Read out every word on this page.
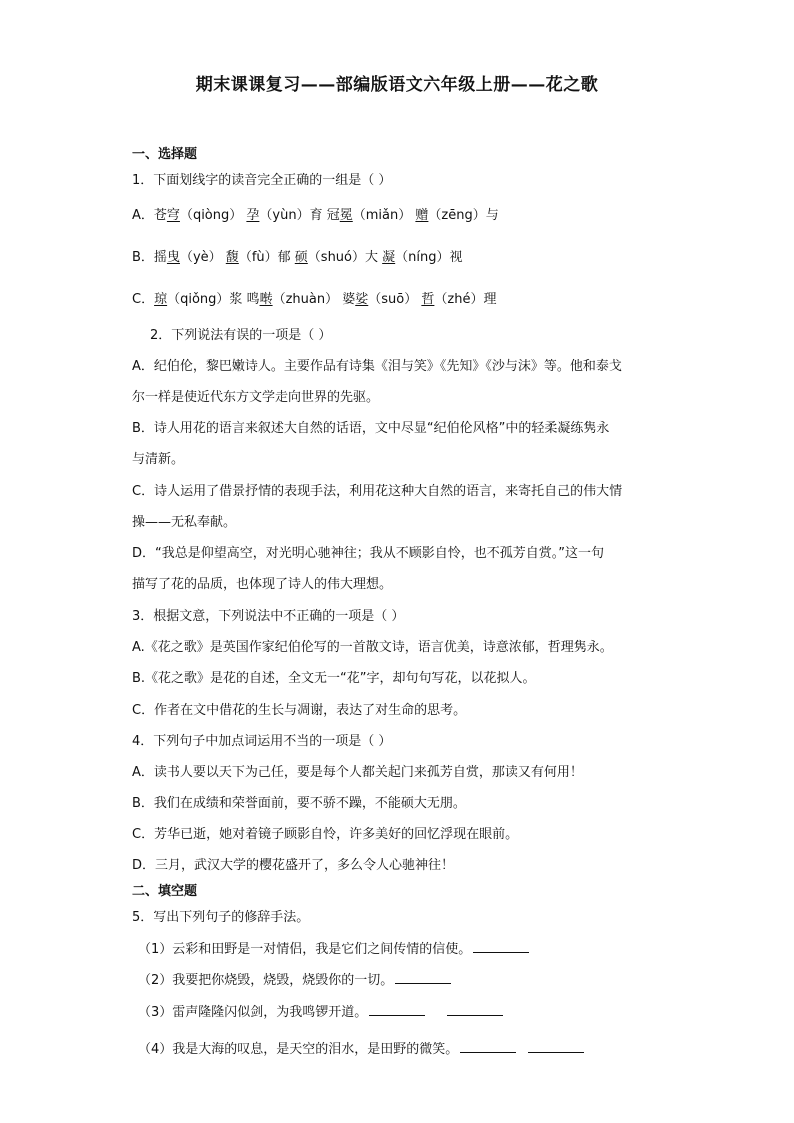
期末课课复习——部编版语文六年级上册——花之歌
一、选择题
1．下面划线字的读音完全正确的一组是（ ）
A．苍穹（qiòng） 孕（yùn）育 冠冕（miǎn） 赠（zēng）与
B．摇曳（yè） 馥（fù）郁 硕（shuó）大 凝（níng）视
C．琼（qiǒng）浆 鸣啭（zhuàn） 婆娑（suō） 哲（zhé）理
2．下列说法有误的一项是（ ）
A．纪伯伦，黎巴嫩诗人。主要作品有诗集《泪与笑》《先知》《沙与沫》等。他和泰戈
尔一样是使近代东方文学走向世界的先驱。
B．诗人用花的语言来叙述大自然的话语，文中尽显“纪伯伦风格”中的轻柔凝练隽永
与清新。
C．诗人运用了借景抒情的表现手法，利用花这种大自然的语言，来寄托自己的伟大情
操——无私奉献。
D．“我总是仰望高空，对光明心驰神往；我从不顾影自怜，也不孤芳自赏。”这一句
描写了花的品质，也体现了诗人的伟大理想。
3．根据文意，下列说法中不正确的一项是（ ）
A.《花之歌》是英国作家纪伯伦写的一首散文诗，语言优美，诗意浓郁，哲理隽永。
B.《花之歌》是花的自述，全文无一“花”字，却句句写花，以花拟人。
C．作者在文中借花的生长与凋谢，表达了对生命的思考。
4．下列句子中加点词运用不当的一项是（ ）
A．读书人要以天下为己任，要是每个人都关起门来孤芳自赏，那读又有何用！
B．我们在成绩和荣誉面前，要不骄不躁，不能硕大无朋。
C．芳华已逝，她对着镜子顾影自怜，许多美好的回忆浮现在眼前。
D．三月，武汉大学的樱花盛开了，多么令人心驰神往！
二、填空题
5．写出下列句子的修辞手法。
（1）云彩和田野是一对情侣，我是它们之间传情的信使。
（2）我要把你烧毁，烧毁，烧毁你的一切。
（3）雷声隆隆闪似剑，为我鸣锣开道。
（4）我是大海的叹息，是天空的泪水，是田野的微笑。
